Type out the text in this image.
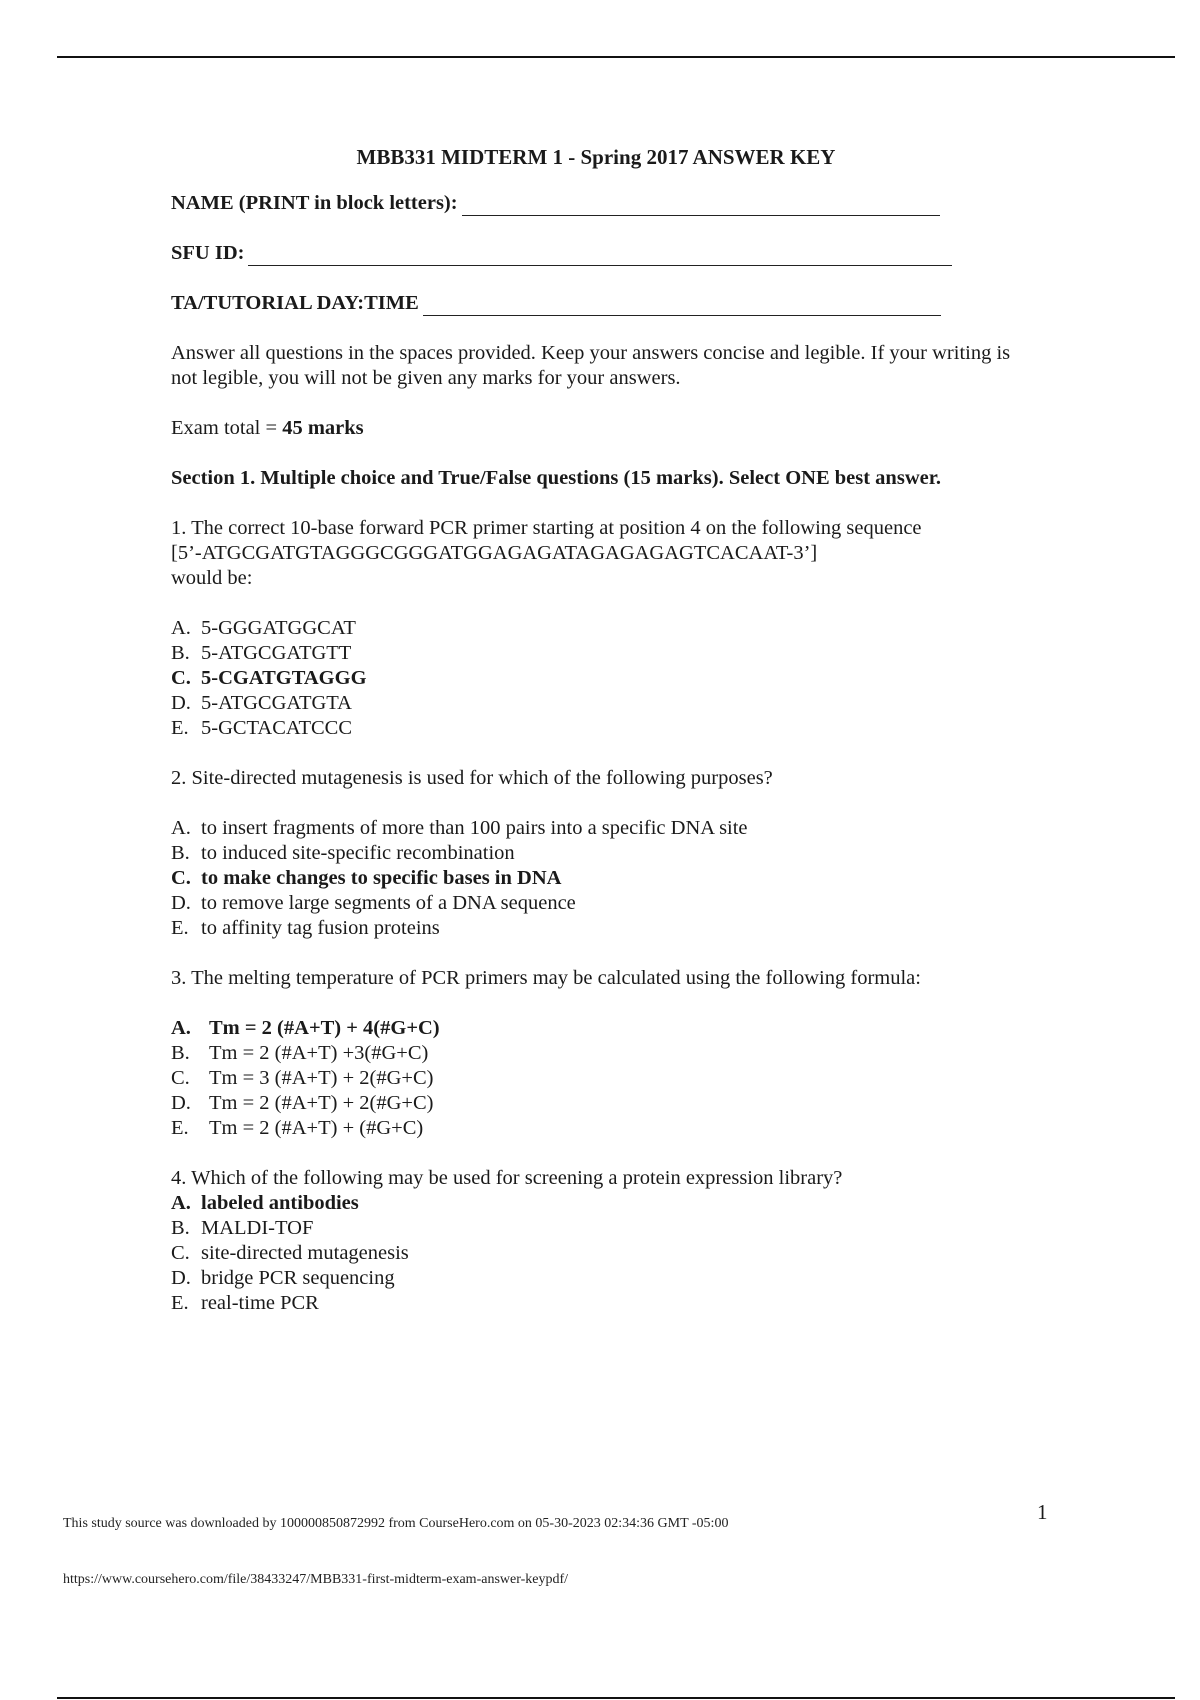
MBB331 MIDTERM 1 - Spring 2017 ANSWER KEY
NAME (PRINT in block letters):
SFU ID:
TA/TUTORIAL DAY:TIME

Answer all questions in the spaces provided. Keep your answers concise and legible. If your writing is not legible, you will not be given any marks for your answers.

Exam total = 45 marks

Section 1. Multiple choice and True/False questions (15 marks). Select ONE best answer.

1. The correct 10-base forward PCR primer starting at position 4 on the following sequence
[5’-ATGCGATGTAGGGCGGGATGGAGAGATAGAGAGAGTCACAAT-3’]
would be:

A. 5-GGGATGGCAT
B. 5-ATGCGATGTT
C. 5-CGATGTAGGG
D. 5-ATGCGATGTA
E. 5-GCTACATCCC

2. Site-directed mutagenesis is used for which of the following purposes?

A. to insert fragments of more than 100 pairs into a specific DNA site
B. to induced site-specific recombination
C. to make changes to specific bases in DNA
D. to remove large segments of a DNA sequence
E. to affinity tag fusion proteins

3. The melting temperature of PCR primers may be calculated using the following formula:

A. Tm = 2 (#A+T) + 4(#G+C)
B. Tm = 2 (#A+T) +3(#G+C)
C. Tm = 3 (#A+T) + 2(#G+C)
D. Tm = 2 (#A+T) + 2(#G+C)
E. Tm = 2 (#A+T) + (#G+C)

4. Which of the following may be used for screening a protein expression library?

A. labeled antibodies
B. MALDI-TOF
C. site-directed mutagenesis
D. bridge PCR sequencing
E. real-time PCR
1
This study source was downloaded by 100000850872992 from CourseHero.com on 05-30-2023 02:34:36 GMT -05:00
https://www.coursehero.com/file/38433247/MBB331-first-midterm-exam-answer-keypdf/
